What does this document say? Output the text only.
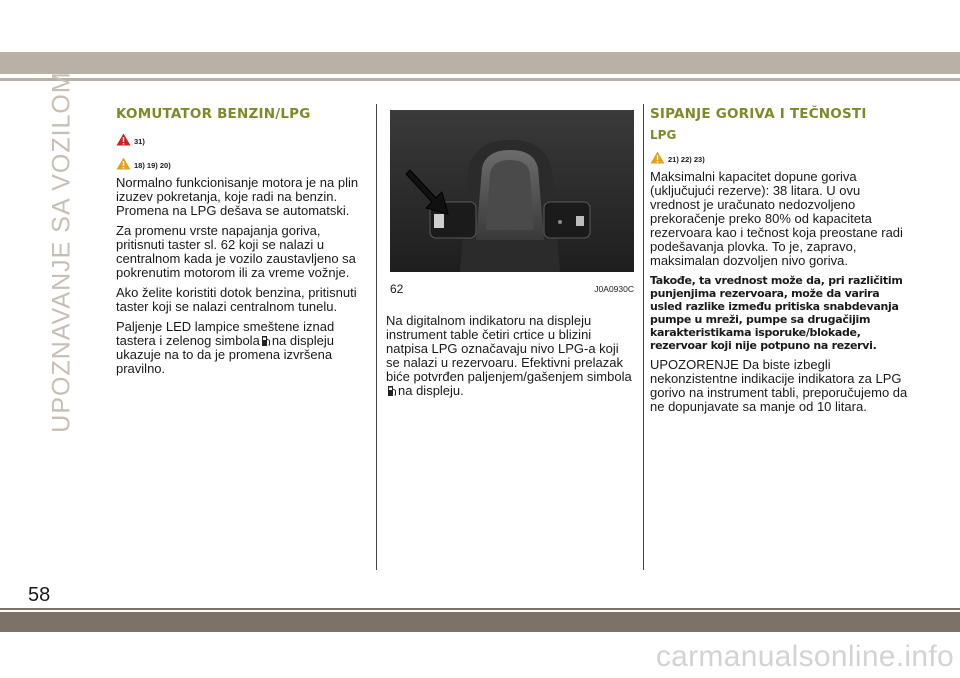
UPOZNAVANJE SA VOZILOM	KOMUTATOR BENZIN/LPG
31)
18) 19) 20)

Normalno funkcionisanje motora je na plin izuzev pokretanja, koje radi na benzin. Promena na LPG dešava se automatski.

Za promenu vrste napajanja goriva, pritisnuti taster sl. 62 koji se nalazi u centralnom kada je vozilo zaustavljeno sa pokrenutim motorom ili za vreme vožnje.

Ako želite koristiti dotok benzina, pritisnuti taster koji se nalazi centralnom tunelu.

Paljenje LED lampice smeštene iznad tastera i zelenog simbola na displeju ukazuje na to da je promena izvršena pravilno.

62	J0A0930C

Na digitalnom indikatoru na displeju instrument table četiri crtice u blizini natpisa LPG označavaju nivo LPG-a koji se nalazi u rezervoaru. Efektivni prelazak biće potvrđen paljenjem/gašenjem simbolana displeju.

SIPANJE GORIVA I TEČNOSTI
LPG
21) 22) 23)

Maksimalni kapacitet dopune goriva (uključujući rezerve): 38 litara. U ovu vrednost je uračunato nedozvoljeno prekoračenje preko 80% od kapaciteta rezervoara kao i tečnost koja preostane radi podešavanja plovka. To je, zapravo, maksimalan dozvoljen nivo goriva.

Takođe, ta vrednost može da, pri različitim punjenjima rezervoara, može da varira usled razlike između pritiska snabdevanja pumpe u mreži, pumpe sa drugačijim karakteristikama isporuke/blokade, rezervoar koji nije potpuno na rezervi.

UPOZORENJE Da biste izbegli nekonzistentne indikacije indikatora za LPG gorivo na instrument tabli, preporučujemo da ne dopunjavate sa manje od 10 litara.

58
carmanualsonline.info
